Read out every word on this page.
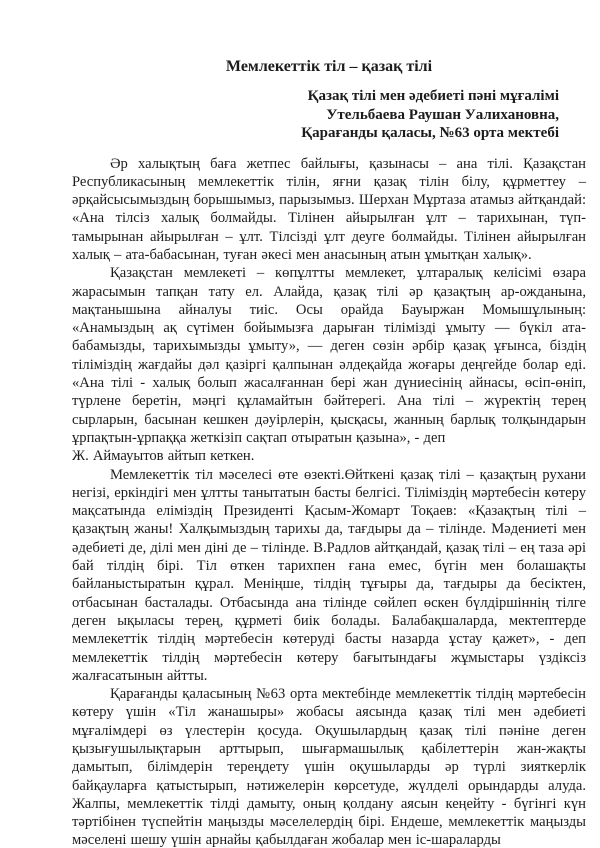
Мемлекеттік тіл – қазақ тілі
Қазақ тілі мен әдебиеті пәні мұғалімі
Утельбаева Раушан Уалихановна,
Қарағанды қаласы, №63 орта мектебі

Әр халықтың баға жетпес байлығы, қазынасы – ана тілі. Қазақстан Республикасының мемлекеттік тілін, яғни қазақ тілін білу, құрметтеу – әрқайсысымыздың борышымыз, парызымыз. Шерхан Мұртаза атамыз айтқандай: «Ана тілсіз халық болмайды. Тілінен айырылған ұлт – тарихынан, түп-тамырынан айырылған – ұлт. Тілсізді ұлт деуге болмайды. Тілінен айырылған халық – ата-бабасынан, туған әкесі мен анасының атын ұмытқан халық».

Қазақстан мемлекеті – көпұлтты мемлекет, ұлтаралық келісімі өзара жарасымын тапқан тату ел. Алайда, қазақ тілі әр қазақтың ар-ожданына, мақтанышына айналуы тиіс. Осы орайда Бауыржан Момышұлының: «Анамыздың ақ сүтімен бойымызға дарыған тілімізді ұмыту — бүкіл ата-бабамызды, тарихымызды ұмыту», — деген сөзін әрбір қазақ ұғынса, біздің тіліміздің жағдайы дәл қазіргі қалпынан әлдеқайда жоғары деңгейде болар еді. «Ана тілі - халық болып жасалғаннан бері жан дүниесінің айнасы, өсіп-өніп, түрлене беретін, мәңгі құламайтын бәйтерегі. Ана тілі – жүректің терең сырларын, басынан кешкен дәуірлерін, қысқасы, жанның барлық толқындарын ұрпақтын-ұрпаққа жеткізіп сақтап отыратын қазына», - деп

Ж. Аймауытов айтып кеткен.

Мемлекеттік тіл мәселесі өте өзекті.Өйткені қазақ тілі – қазақтың рухани негізі, еркіндігі мен ұлтты танытатын басты белгісі. Тіліміздің мәртебесін көтеру мақсатында еліміздің Президенті Қасым-Жомарт Тоқаев: «Қазақтың тілі – қазақтың жаны! Халқымыздың тарихы да, тағдыры да – тілінде. Мәдениеті мен әдебиеті де, ділі мен діні де – тілінде. В.Радлов айтқандай, қазақ тілі – ең таза әрі бай тілдің бірі. Тіл өткен тарихпен ғана емес, бүгін мен болашақты байланыстыратын құрал. Меніңше, тілдің тұғыры да, тағдыры да бесіктен, отбасынан басталады. Отбасында ана тілінде сөйлеп өскен бүлдіршіннің тілге деген ықыласы терең, құрметі биік болады. Балабақшаларда, мектептерде мемлекеттік тілдің мәртебесін көтеруді басты назарда ұстау қажет», - деп мемлекеттік тілдің мәртебесін көтеру бағытындағы жұмыстары үздіксіз жалғасатынын айтты.

Қарағанды қаласының №63 орта мектебінде мемлекеттік тілдің мәртебесін көтеру үшін «Тіл жанашыры» жобасы аясында қазақ тілі мен әдебиеті мұғалімдері өз үлестерін қосуда. Оқушылардың қазақ тілі пәніне деген қызығушылықтарын арттырып, шығармашылық қабілеттерін жан-жақты дамытып, білімдерін тереңдету үшін оқушыларды әр түрлі зияткерлік байқауларға қатыстырып, нәтижелерін көрсетуде, жүлделі орындарды алуда. Жалпы, мемлекеттік тілді дамыту, оның қолдану аясын кеңейту - бүгінгі күн тәртібінен түспейтін маңызды мәселелердің бірі. Ендеше, мемлекеттік маңызды мәселені шешу үшін арнайы қабылдаған жобалар мен іс-шараларды
